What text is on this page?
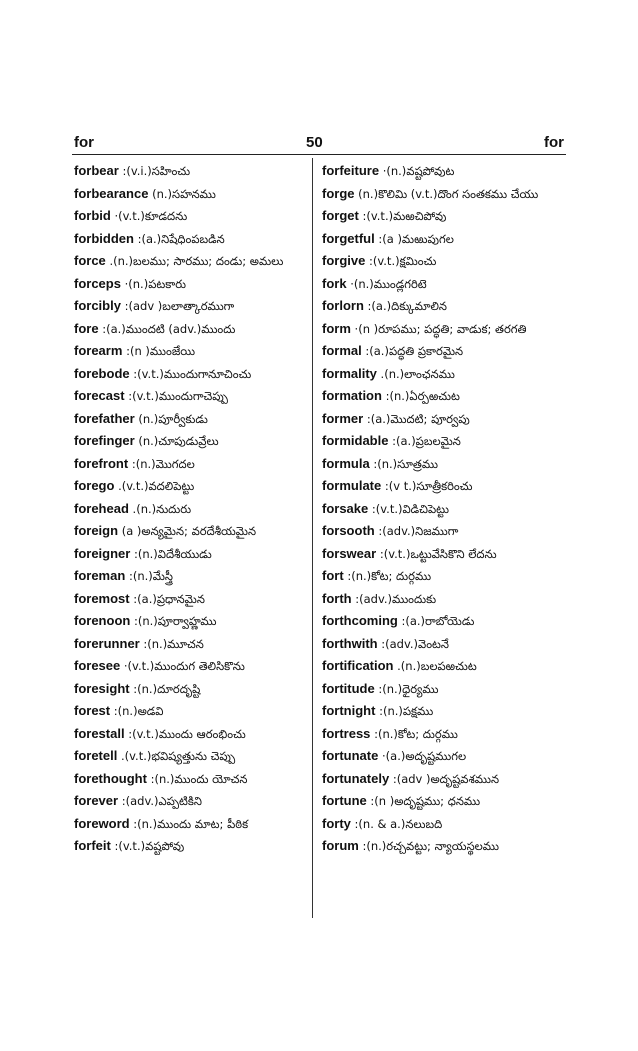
for	50	for
forbear :(v.i.)సహించు
forbearance (n.)సహనము
forbid ·(v.t.)కూడదను
forbidden :(a.)నిషేధింపబడిన
force .(n.)బలము; సారము; దండు; అమలు
forceps ·(n.)పటకారు
forcibly :(adv )బలాత్కారముగా
fore :(a.)ముందటి (adv.)ముందు
forearm :(n )ముంజేయి
forebode :(v.t.)ముందుగానూచించు
forecast :(v.t.)ముందుగాచెప్పు
forefather (n.)పూర్వీకుడు
forefinger (n.)చూపుడువ్రేలు
forefront :(n.)మొగదల
forego .(v.t.)వదలిపెట్టు
forehead .(n.)నుదురు
foreign (a )అన్యమైన; వరదేశీయమైన
foreigner :(n.)విదేశీయుడు
foreman :(n.)మేస్త్రీ
foremost :(a.)ప్రధానమైన
forenoon :(n.)పూర్వాహ్ణము
forerunner :(n.)మూచన
foresee ·(v.t.)ముందుగ తెలిసికొను
foresight :(n.)దూరదృష్టి
forest :(n.)అడవి
forestall :(v.t.)ముందు ఆరంభించు
foretell .(v.t.)భవిష్యత్తును చెప్పు
forethought :(n.)ముందు యోచన
forever :(adv.)ఎప్పటికిని
foreword :(n.)ముందు మాట; పీఠిక
forfeit :(v.t.)వష్టపోవు
forfeiture ·(n.)వష్టపోవుట
forge (n.)కొలిమి (v.t.)దొంగ సంతకము చేయు
forget :(v.t.)మఱచిపోవు
forgetful :(a )మఱుపుగల
forgive :(v.t.)క్షమించు
fork ·(n.)ముండ్లగరిటె
forlorn :(a.)దిక్కుమాలిన
form ·(n )రూపము; పద్ధతి; వాడుక; తరగతి
formal :(a.)పద్ధతి ప్రకారమైన
formality .(n.)లాంఛనము
formation :(n.)ఏర్పఱచుట
former :(a.)మొదటి; పూర్వపు
formidable :(a.)ప్రబలమైన
formula :(n.)సూత్రము
formulate :(v t.)సూత్రీకరించు
forsake :(v.t.)విడిచిపెట్టు
forsooth :(adv.)నిజముగా
forswear :(v.t.)ఒట్టువేసికొని లేదను
fort :(n.)కోట; దుర్గము
forth :(adv.)ముందుకు
forthcoming :(a.)రాబోయెడు
forthwith :(adv.)వెంటనే
fortification .(n.)బలపఱచుట
fortitude :(n.)ధైర్యము
fortnight :(n.)పక్షము
fortress :(n.)కోట; దుర్గము
fortunate ·(a.)అదృష్టముగల
fortunately :(adv )అదృష్టవశమున
fortune :(n )అదృష్టము; ధనము
forty :(n. & a.)నలుబది
forum :(n.)రచ్చవట్టు; న్యాయస్థలము
